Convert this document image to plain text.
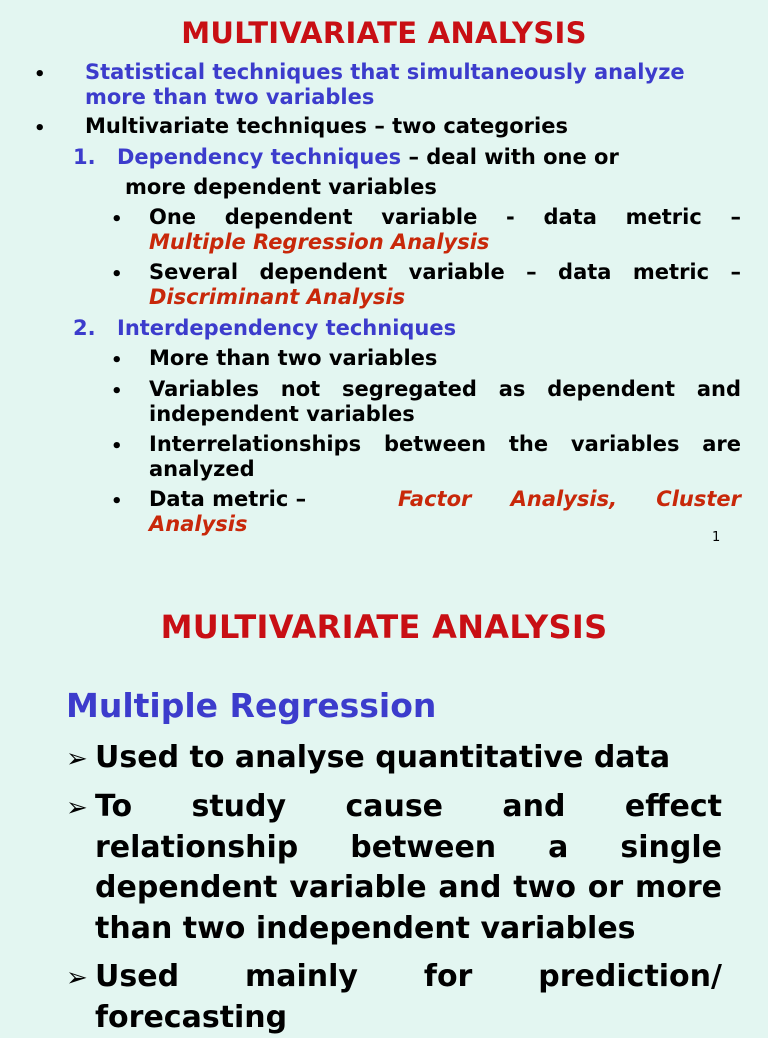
MULTIVARIATE ANALYSIS
• Statistical techniques that simultaneously analyze more than two variables
• Multivariate techniques – two categories
1. Dependency techniques – deal with one or
more dependent variables
• One dependent variable - data metric –
Multiple Regression Analysis
• Several dependent variable – data metric –
Discriminant Analysis
2. Interdependency techniques
• More than two variables
• Variables not segregated as dependent and independent variables
• Interrelationships between the variables are analyzed
• Data metric –	Factor Analysis, Cluster
Analysis
1
MULTIVARIATE ANALYSIS
Multiple Regression
➢ Used to analyse quantitative data
➢ To study cause and effect relationship between a single dependent variable and two or more than two independent variables
➢ Used mainly for prediction/ forecasting
